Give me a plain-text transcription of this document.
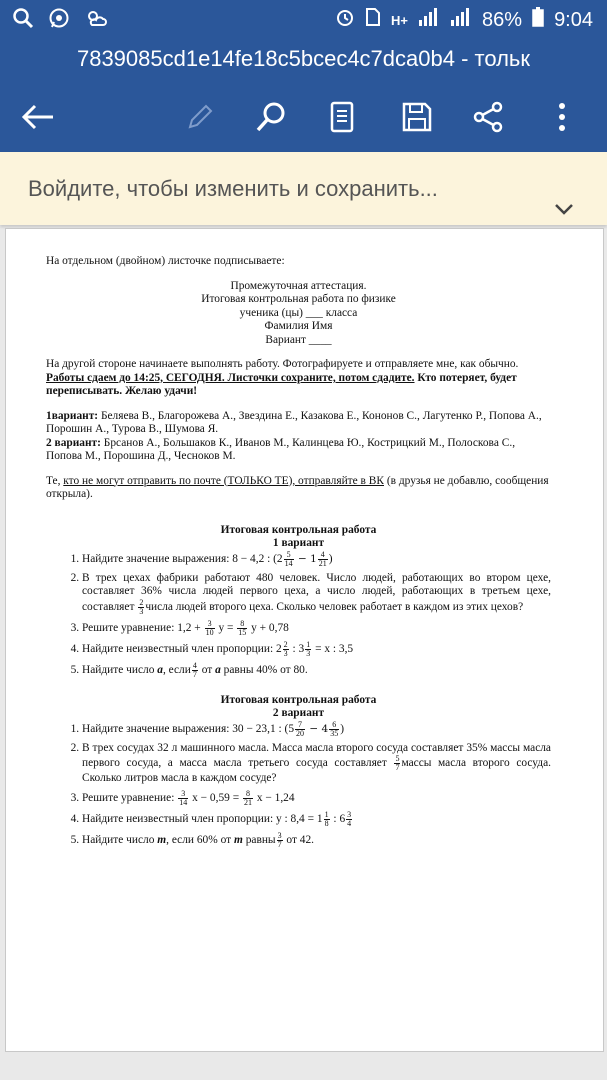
H+	86% 9:04
7839085cd1e14fe18c5bcec4c7dca0b4 - тольк
Войдите, чтобы изменить и сохранить...

На отдельном (двойном) листочке подписываете:

Промежуточная аттестация.

Итоговая контрольная работа по физике

ученика (цы) ___ класса

Фамилия Имя

Вариант ____

На другой стороне начинаете выполнять работу. Фотографируете и отправляете мне, как обычно. Работы сдаем до 14:25, СЕГОДНЯ. Листочки сохраните, потом сдадите. Кто потеряет, будет переписывать. Желаю удачи!

1вариант: Беляева В., Благорожева А., Звездина Е., Казакова Е., Кононов С., Лагутенко Р., Попова А., Порошин А., Турова В., Шумова Я.

2 вариант: Брсанов А., Большаков К., Иванов М., Калинцева Ю., Кострицкий М., Полосковa С., Попова М., Порошина Д., Чесноков М.

Те, кто не могут отправить по почте (ТОЛЬКО ТЕ), отправляйте в ВК (в друзья не добавлю, сообщения открыла).

Итоговая контрольная работа

1 вариант

1. Найдите значение выражения: 8 − 4,2 : ($2 \frac{5}{14} - 1 \frac{4}{21}$ )
2. В трех цехах фабрики работают 480 человек. Число людей, работающих во втором цехе, составляет 36% числа людей первого цеха, а число людей, работающих в третьем цехе, составляет $\frac{2}{3}$ числа людей второго цеха. Сколько человек работает в каждом из этих цехов?
3. Решите уравнение: $1,2 + \frac{3}{10}$ $y = \frac{8}{15}$ y + 0,78
4. Найдите неизвестный член пропорции: $2 \frac{2}{3}$ : $3 \frac{1}{3} = x$ : 3,5
5. Найдите число a, если $\frac{4}{7}$ от a равны 40% от 80.

Итоговая контрольная работа

2 вариант

1. Найдите значение выражения: 30 − 23,1 : ($5 \frac{7}{20} - 4 \frac{6}{35}$ )
2. В трех сосудах 32 л машинного масла. Масса масла второго сосуда составляет 35% массы масла первого сосуда, а масса масла третьего сосуда составляет $\frac{5}{7}$ массы масла второго сосуда. Сколько литров масла в каждом сосуде?
3. Решите уравнение: $\frac{3}{14}$ $x - 0,59 = \frac{8}{21}$ x − 1,24
4. Найдите неизвестный член пропорции: y : $8,4 = 1 \frac{1}{8}$ : $6 \frac{3}{4}$
5. Найдите число m, если 60% от m равны $\frac{3}{7}$ от 42.
